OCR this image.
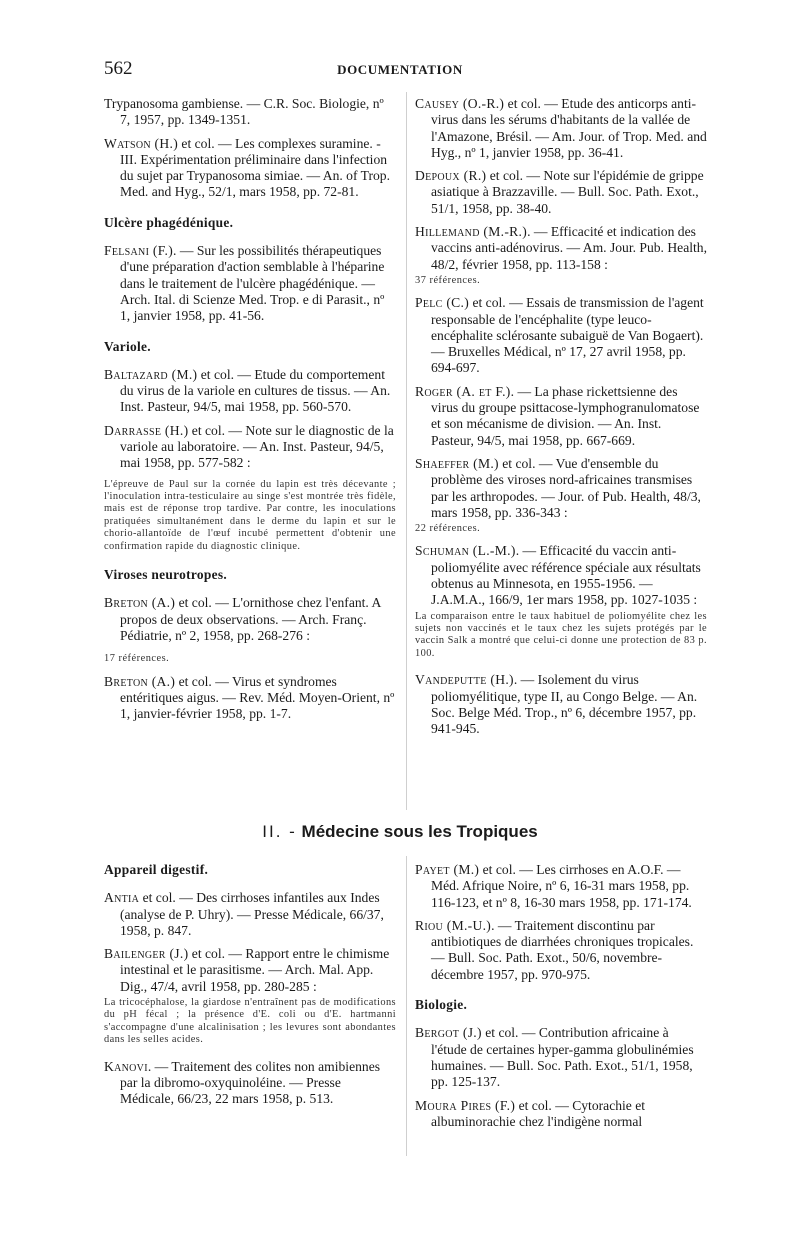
562	DOCUMENTATION
Trypanosoma gambiense. — C.R. Soc. Biologie, nº 7, 1957, pp. 1349-1351.
Watson (H.) et col. — Les complexes suramine. - III. Expérimentation préliminaire dans l'infection du sujet par Trypanosoma simiae. — An. of Trop. Med. and Hyg., 52/1, mars 1958, pp. 72-81.
Ulcère phagédénique.
Felsani (F.). — Sur les possibilités thérapeutiques d'une préparation d'action semblable à l'héparine dans le traitement de l'ulcère phagédénique. — Arch. Ital. di Scienze Med. Trop. e di Parasit., nº 1, janvier 1958, pp. 41-56.
Variole.
Baltazard (M.) et col. — Etude du comportement du virus de la variole en cultures de tissus. — An. Inst. Pasteur, 94/5, mai 1958, pp. 560-570.
Darrasse (H.) et col. — Note sur le diagnostic de la variole au laboratoire. — An. Inst. Pasteur, 94/5, mai 1958, pp. 577-582 :
L'épreuve de Paul sur la cornée du lapin est très décevante ; l'inoculation intra-testiculaire au singe s'est montrée très fidèle, mais est de réponse trop tardive. Par contre, les inoculations pratiquées simultanément dans le derme du lapin et sur le chorio-allantoïde de l'œuf incubé permettent d'obtenir une confirmation rapide du diagnostic clinique.
Viroses neurotropes.
Breton (A.) et col. — L'ornithose chez l'enfant. A propos de deux observations. — Arch. Franç. Pédiatrie, nº 2, 1958, pp. 268-276 :
17 références.
Breton (A.) et col. — Virus et syndromes entéritiques aigus. — Rev. Méd. Moyen-Orient, nº 1, janvier-février 1958, pp. 1-7.
Causey (O.-R.) et col. — Etude des anticorps anti-virus dans les sérums d'habitants de la vallée de l'Amazone, Brésil. — Am. Jour. of Trop. Med. and Hyg., nº 1, janvier 1958, pp. 36-41.
Depoux (R.) et col. — Note sur l'épidémie de grippe asiatique à Brazzaville. — Bull. Soc. Path. Exot., 51/1, 1958, pp. 38-40.
Hillemand (M.-R.). — Efficacité et indication des vaccins anti-adénovirus. — Am. Jour. Pub. Health, 48/2, février 1958, pp. 113-158 :
37 références.
Pelc (C.) et col. — Essais de transmission de l'agent responsable de l'encéphalite (type leuco-encéphalite sclérosante subaiguë de Van Bogaert). — Bruxelles Médical, nº 17, 27 avril 1958, pp. 694-697.
Roger (A. et F.). — La phase rickettsienne des virus du groupe psittacose-lymphogranulomatose et son mécanisme de division. — An. Inst. Pasteur, 94/5, mai 1958, pp. 667-669.
Shaeffer (M.) et col. — Vue d'ensemble du problème des viroses nord-africaines transmises par les arthropodes. — Jour. of Pub. Health, 48/3, mars 1958, pp. 336-343 :
22 références.
Schuman (L.-M.). — Efficacité du vaccin anti-poliomyélite avec référence spéciale aux résultats obtenus au Minnesota, en 1955-1956. — J.A.M.A., 166/9, 1er mars 1958, pp. 1027-1035 :
La comparaison entre le taux habituel de poliomyélite chez les sujets non vaccinés et le taux chez les sujets protégés par le vaccin Salk a montré que celui-ci donne une protection de 83 p. 100.
Vandeputte (H.). — Isolement du virus poliomyélitique, type II, au Congo Belge. — An. Soc. Belge Méd. Trop., nº 6, décembre 1957, pp. 941-945.
II. - Médecine sous les Tropiques
Appareil digestif.
Antia et col. — Des cirrhoses infantiles aux Indes (analyse de P. Uhry). — Presse Médicale, 66/37, 1958, p. 847.
Bailenger (J.) et col. — Rapport entre le chimisme intestinal et le parasitisme. — Arch. Mal. App. Dig., 47/4, avril 1958, pp. 280-285 :
La tricocéphalose, la giardose n'entraînent pas de modifications du pH fécal ; la présence d'E. coli ou d'E. hartmanni s'accompagne d'une alcalinisation ; les levures sont abondantes dans les selles acides.
Kanovi. — Traitement des colites non amibiennes par la dibromo-oxyquinoléine. — Presse Médicale, 66/23, 22 mars 1958, p. 513.
Payet (M.) et col. — Les cirrhoses en A.O.F. — Méd. Afrique Noire, nº 6, 16-31 mars 1958, pp. 116-123, et nº 8, 16-30 mars 1958, pp. 171-174.
Riou (M.-U.). — Traitement discontinu par antibiotiques de diarrhées chroniques tropicales. — Bull. Soc. Path. Exot., 50/6, novembre-décembre 1957, pp. 970-975.
Biologie.
Bergot (J.) et col. — Contribution africaine à l'étude de certaines hyper-gamma globulinémies humaines. — Bull. Soc. Path. Exot., 51/1, 1958, pp. 125-137.
Moura Pires (F.) et col. — Cytorachie et albuminorachie chez l'indigène normal
